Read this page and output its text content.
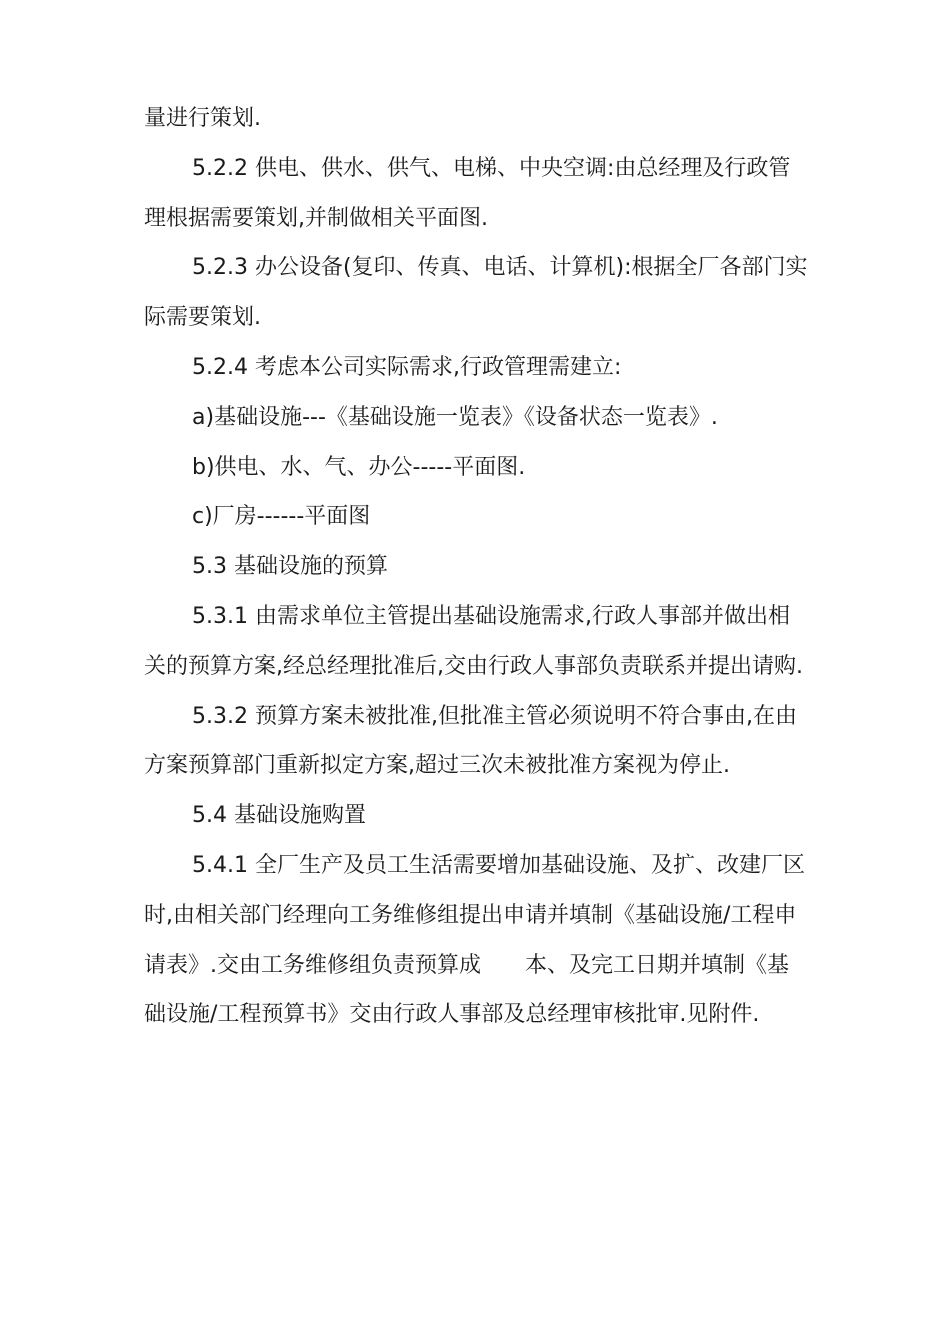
量进行策划.

5.2.2 供电、供水、供气、电梯、中央空调:由总经理及行政管理根据需要策划,并制做相关平面图.

5.2.3 办公设备(复印、传真、电话、计算机):根据全厂各部门实际需要策划.

5.2.4 考虑本公司实际需求,行政管理需建立:

a)基础设施---《基础设施一览表》《设备状态一览表》.

b)供电、水、气、办公-----平面图.

c)厂房------平面图

5.3 基础设施的预算

5.3.1 由需求单位主管提出基础设施需求,行政人事部并做出相关的预算方案,经总经理批准后,交由行政人事部负责联系并提出请购.

5.3.2 预算方案未被批准,但批准主管必须说明不符合事由,在由方案预算部门重新拟定方案,超过三次未被批准方案视为停止.

5.4 基础设施购置

5.4.1 全厂生产及员工生活需要增加基础设施、及扩、改建厂区时,由相关部门经理向工务维修组提出申请并填制《基础设施/工程申请表》.交由工务维修组负责预算成　　本、及完工日期并填制《基础设施/工程预算书》交由行政人事部及总经理审核批审.见附件.
